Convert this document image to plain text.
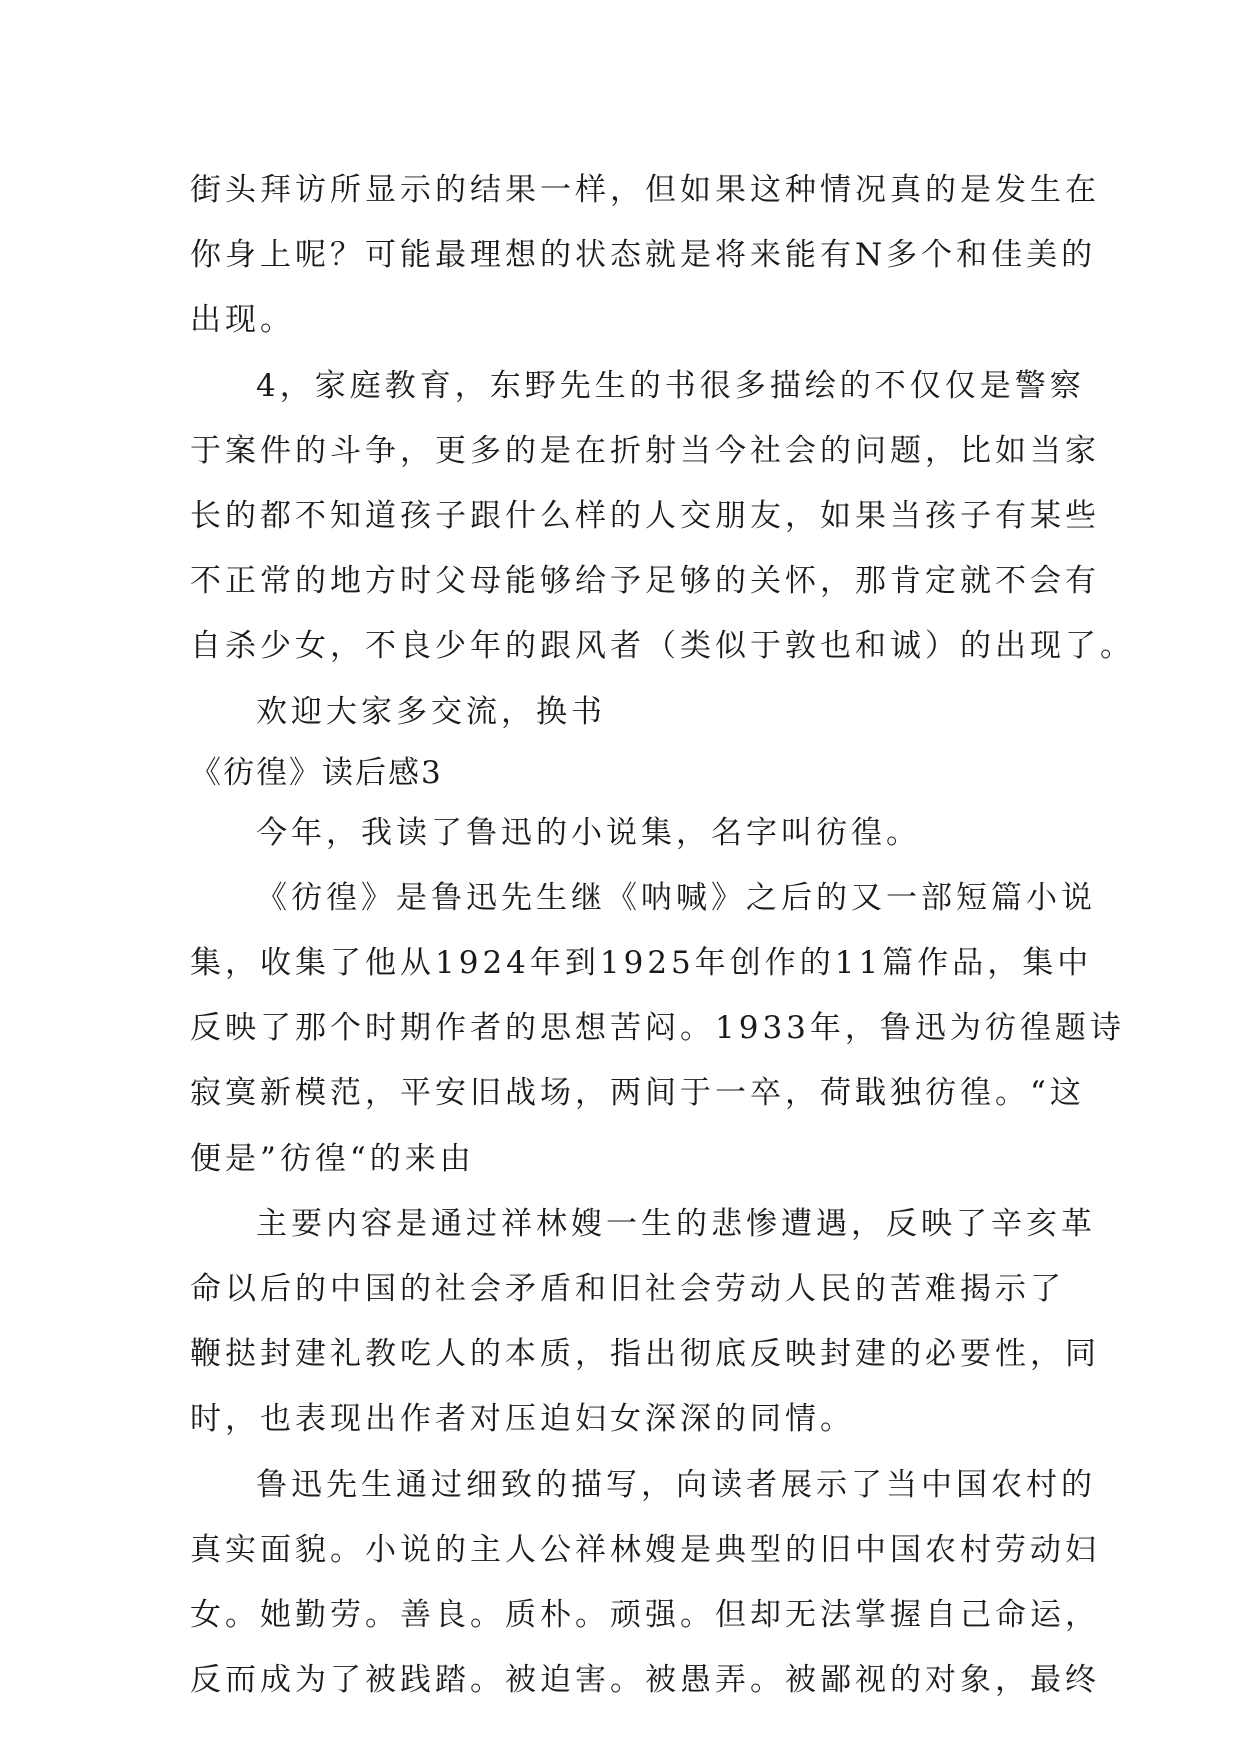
街头拜访所显示的结果一样，但如果这种情况真的是发生在
你身上呢？可能最理想的状态就是将来能有N多个和佳美的
出现。
4，家庭教育，东野先生的书很多描绘的不仅仅是警察
于案件的斗争，更多的是在折射当今社会的问题，比如当家
长的都不知道孩子跟什么样的人交朋友，如果当孩子有某些
不正常的地方时父母能够给予足够的关怀，那肯定就不会有
自杀少女，不良少年的跟风者（类似于敦也和诚）的出现了。
欢迎大家多交流，换书
《彷徨》读后感3
今年，我读了鲁迅的小说集，名字叫彷徨。
《彷徨》是鲁迅先生继《呐喊》之后的又一部短篇小说
集，收集了他从1924年到1925年创作的11篇作品，集中
反映了那个时期作者的思想苦闷。1933年，鲁迅为彷徨题诗
寂寞新模范，平安旧战场，两间于一卒，荷戢独彷徨。“这
便是”彷徨“的来由
主要内容是通过祥林嫂一生的悲惨遭遇，反映了辛亥革
命以后的中国的社会矛盾和旧社会劳动人民的苦难揭示了
鞭挞封建礼教吃人的本质，指出彻底反映封建的必要性，同
时，也表现出作者对压迫妇女深深的同情。
鲁迅先生通过细致的描写，向读者展示了当中国农村的
真实面貌。小说的主人公祥林嫂是典型的旧中国农村劳动妇
女。她勤劳。善良。质朴。顽强。但却无法掌握自己命运，
反而成为了被践踏。被迫害。被愚弄。被鄙视的对象，最终
